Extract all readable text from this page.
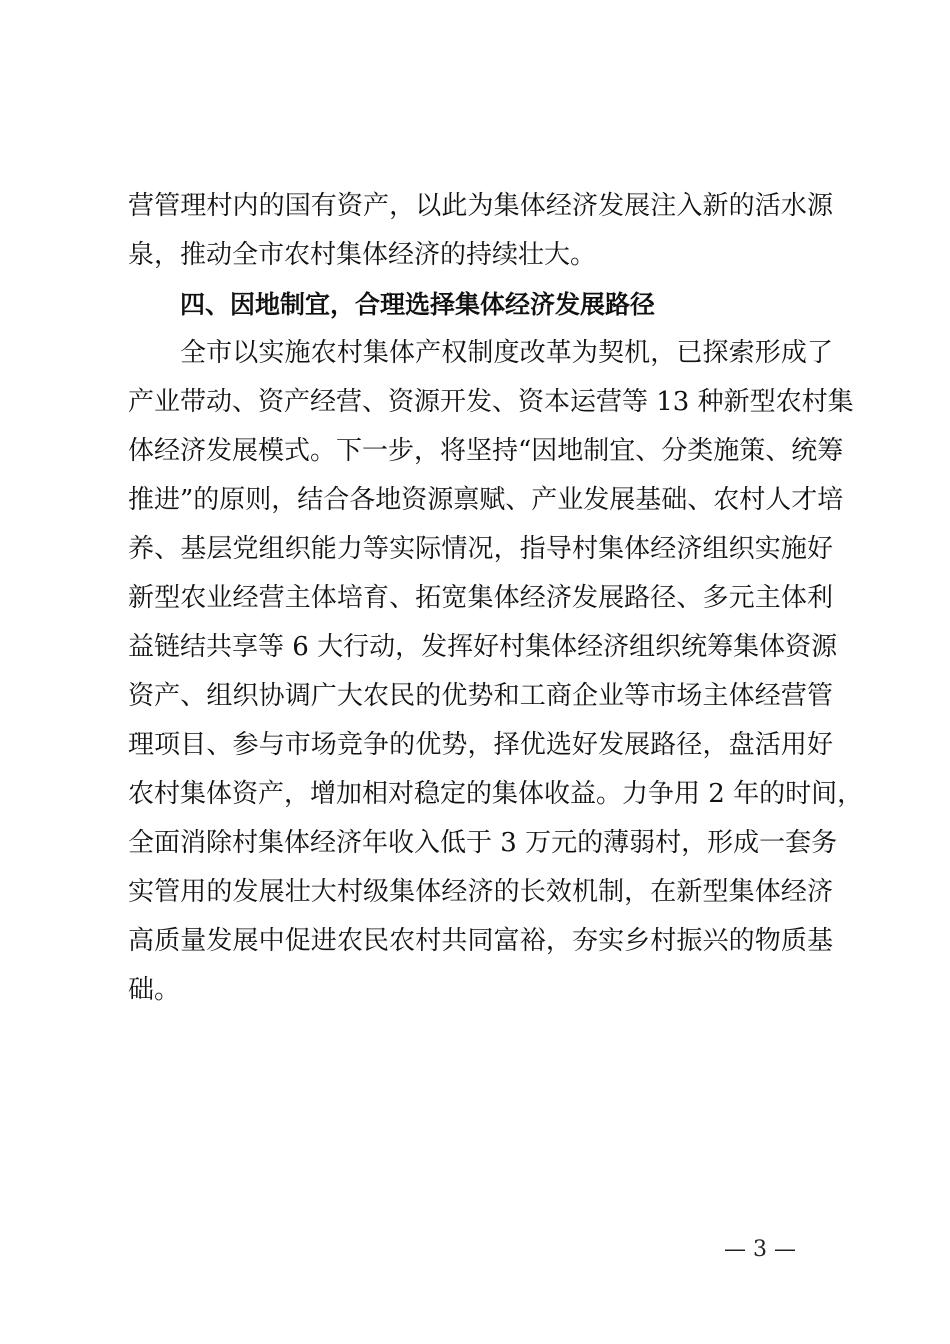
营管理村内的国有资产，以此为集体经济发展注入新的活水源
泉，推动全市农村集体经济的持续壮大。
四、因地制宜，合理选择集体经济发展路径
全市以实施农村集体产权制度改革为契机，已探索形成了
产业带动、资产经营、资源开发、资本运营等 13 种新型农村集
体经济发展模式。下一步，将坚持“因地制宜、分类施策、统筹
推进”的原则，结合各地资源禀赋、产业发展基础、农村人才培
养、基层党组织能力等实际情况，指导村集体经济组织实施好
新型农业经营主体培育、拓宽集体经济发展路径、多元主体利
益链结共享等 6 大行动，发挥好村集体经济组织统筹集体资源
资产、组织协调广大农民的优势和工商企业等市场主体经营管
理项目、参与市场竞争的优势，择优选好发展路径，盘活用好
农村集体资产，增加相对稳定的集体收益。力争用 2 年的时间，
全面消除村集体经济年收入低于 3 万元的薄弱村，形成一套务
实管用的发展壮大村级集体经济的长效机制，在新型集体经济
高质量发展中促进农民农村共同富裕，夯实乡村振兴的物质基
础。
— 3 —
